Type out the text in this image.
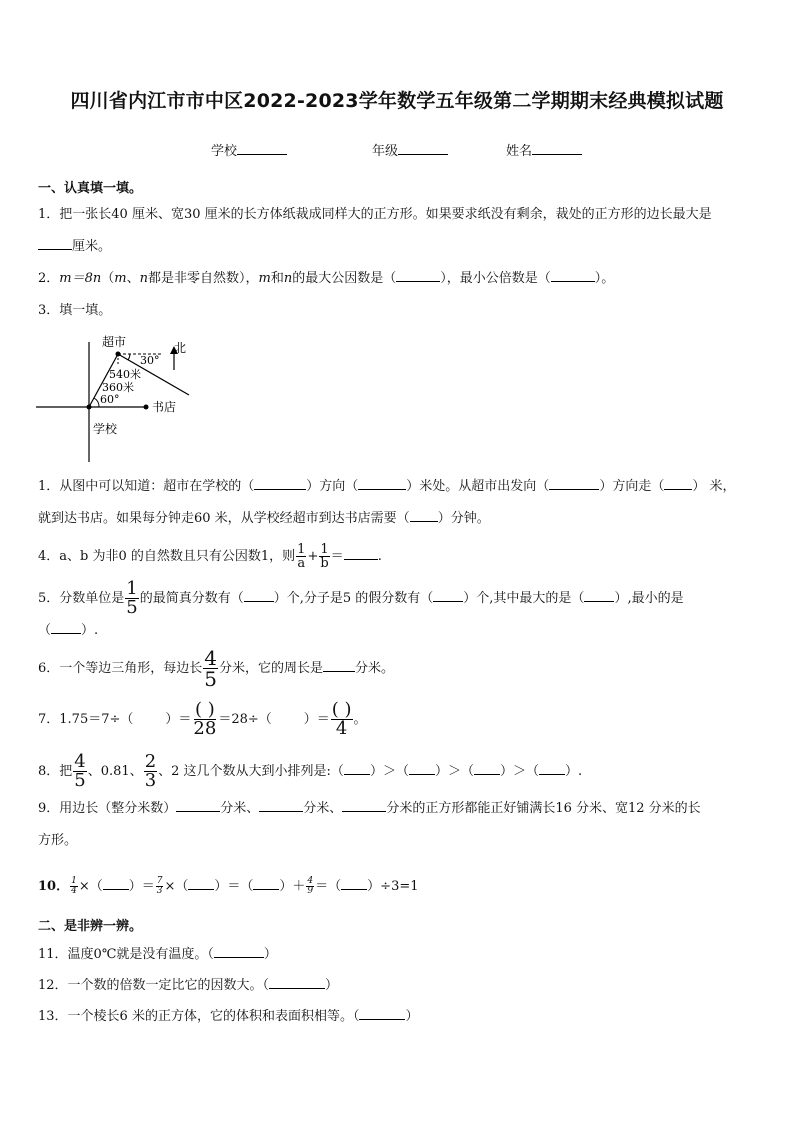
四川省内江市市中区2022-2023学年数学五年级第二学期期末经典模拟试题
学校	年级	姓名
一、认真填一填。
1．把一张长40 厘米、宽30 厘米的长方体纸裁成同样大的正方形。如果要求纸没有剩余，裁处的正方形的边长最大是
厘米。
2．m＝8n（m、n都是非零自然数），m和n的最大公因数是（	），最小公倍数是（	）。
3．填一填。
超市	北
30°
540米
360米
60°
书店
学校
1．从图中可以知道：超市在学校的（	）方向（	）米处。从超市出发向（	）方向走（ ） 米，
就到达书店。如果每分钟走60 米，从学校经超市到达书店需要（ ）分钟。
4．a、b 为非0 的自然数且只有公因数1，则 $\frac{1}{a} + \frac{1}{b}$ ＝	.
5．分数单位是 $\frac{1}{5}$ 的最简真分数有（ ）个,分子是5 的假分数有（ ）个,其中最大的是（ ）,最小的是
（ ）.
6．一个等边三角形，每边长 $\frac{4}{5}$ 分米，它的周长是 分米。
7．1.75＝7÷（ ）＝ $\frac{( )}{28} =28\div$（ ）＝ $\frac{( )}{4}$ 。
8．把 $\frac{4}{5}$ 、0.81、 $\frac{2}{3}$ 、2 这几个数从大到小排列是:（ ）＞（ ）＞（ ）＞（ ）.
9．用边长（整分米数）	分米、	分米、	分米的正方形都能正好铺满长16 分米、宽12 分米的长
方形。
10． $\frac{1}{4}$ ×（ ）＝ $\frac{7}{3}$ ×（ ）＝（ ）＋ $\frac{4}{9}$ ＝（ ）÷3=1
二、是非辨一辨。
11．温度0℃就是没有温度。（	）
12．一个数的倍数一定比它的因数大。（	）
13．一个棱长6 米的正方体，它的体积和表面积相等。（	）
